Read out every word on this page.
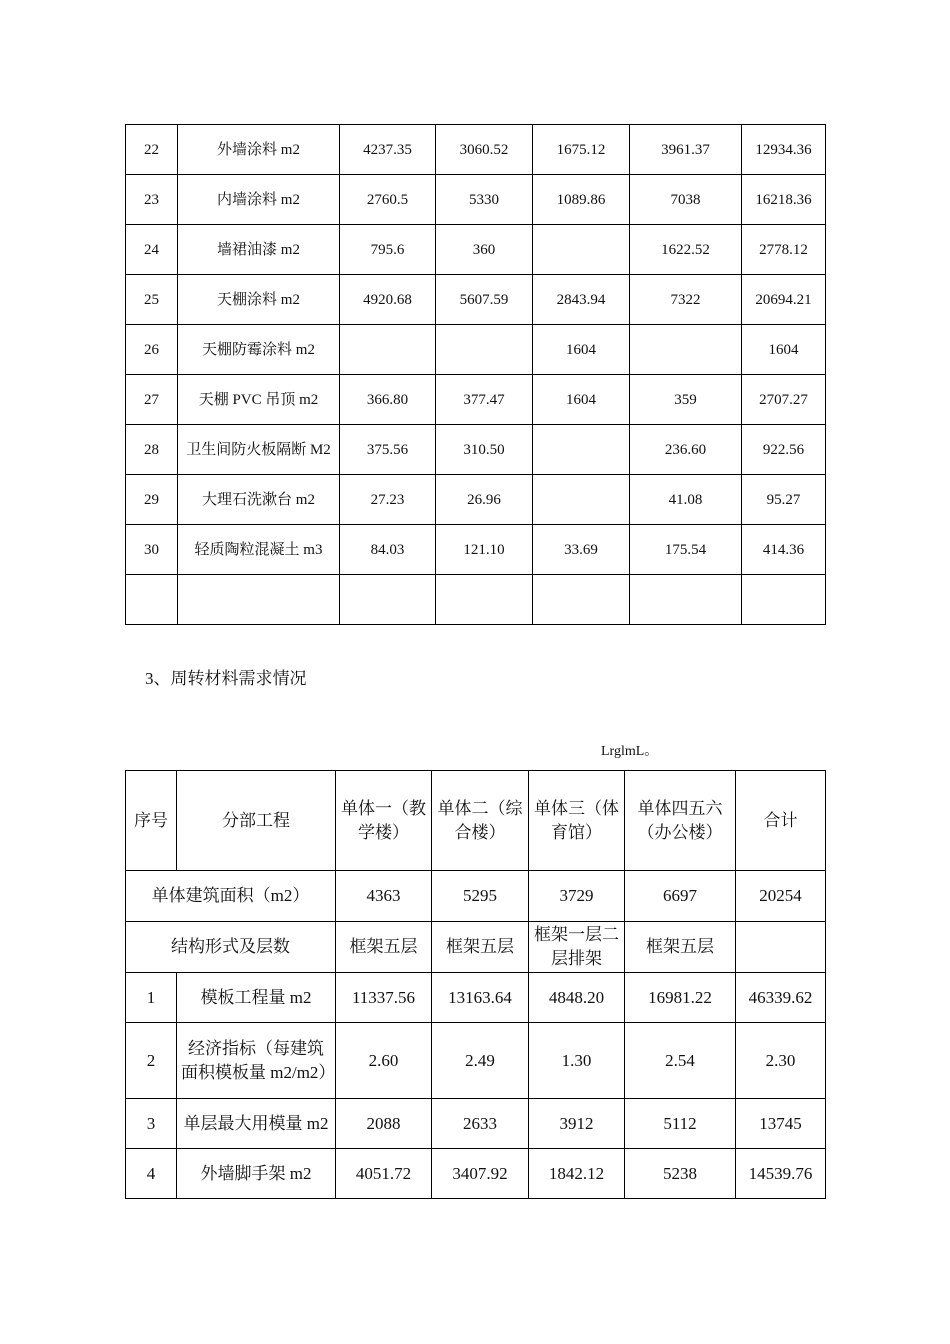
22	外墙涂料 m2	4237.35	3060.52	1675.12	3961.37	12934.36
23	内墙涂料 m2	2760.5	5330	1089.86	7038	16218.36
24	墙裙油漆 m2	795.6	360		1622.52	2778.12
25	天棚涂料 m2	4920.68	5607.59	2843.94	7322	20694.21
26	天棚防霉涂料 m2			1604		1604
27	天棚 PVC 吊顶 m2	366.80	377.47	1604	359	2707.27
28	卫生间防火板隔断 M2	375.56	310.50		236.60	922.56
29	大理石洗漱台 m2	27.23	26.96		41.08	95.27
30	轻质陶粒混凝土 m3	84.03	121.10	33.69	175.54	414.36

3、周转材料需求情况
LrglmL。
序号	分部工程	单体一（教学楼）	单体二（综合楼）	单体三（体育馆）	单体四五六（办公楼）	合计
单体建筑面积（m2）		4363	5295	3729	6697	20254
结构形式及层数		框架五层	框架五层	框架一层二层排架	框架五层	
1	模板工程量 m2	11337.56	13163.64	4848.20	16981.22	46339.62
2	经济指标（每建筑面积模板量 m2/m2）	2.60	2.49	1.30	2.54	2.30
3	单层最大用模量 m2	2088	2633	3912	5112	13745
4	外墙脚手架 m2	4051.72	3407.92	1842.12	5238	14539.76
